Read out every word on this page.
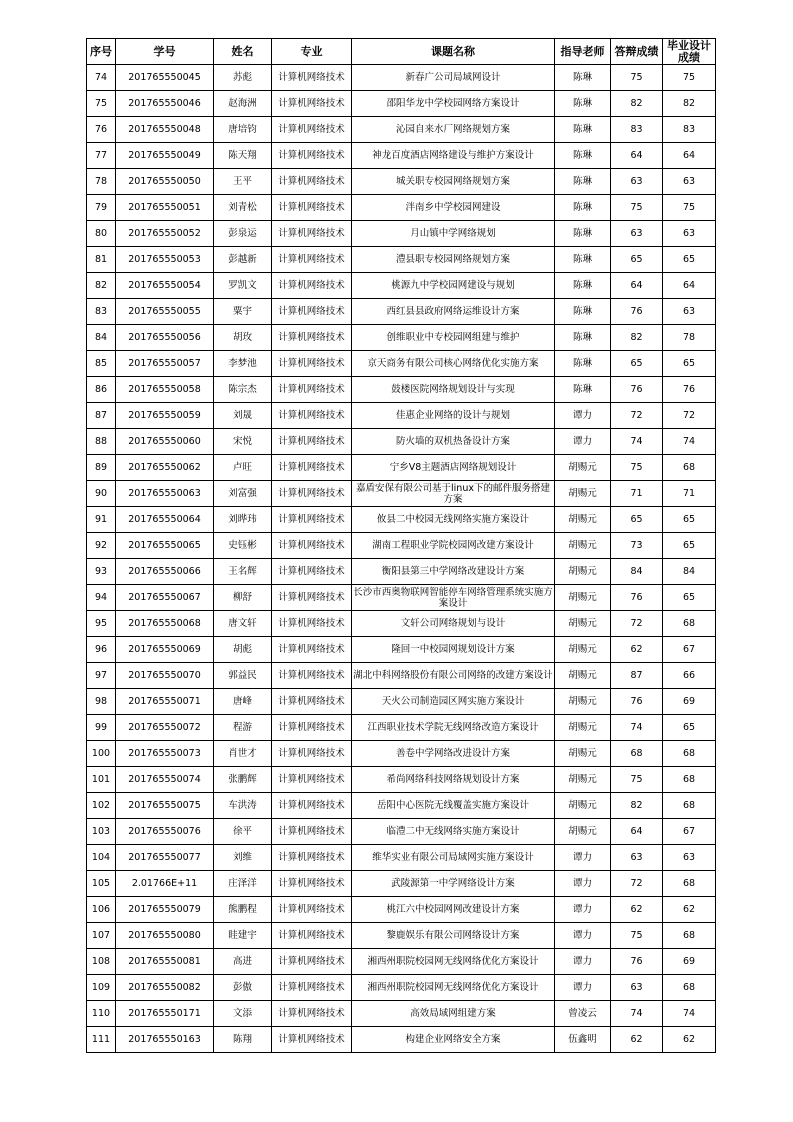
序号	学号	姓名	专业	课题名称	指导老师	答辩成绩	毕业设计成绩
74	201765550045	苏彪	计算机网络技术	新春广公司局域网设计	陈琳	75	75
75	201765550046	赵海洲	计算机网络技术	邵阳华龙中学校园网络方案设计	陈琳	82	82
76	201765550048	唐培钧	计算机网络技术	沁园自来水厂网络规划方案	陈琳	83	83
77	201765550049	陈天翔	计算机网络技术	神龙百度酒店网络建设与维护方案设计	陈琳	64	64
78	201765550050	王平	计算机网络技术	城关职专校园网络规划方案	陈琳	63	63
79	201765550051	刘青松	计算机网络技术	泮南乡中学校园网建设	陈琳	75	75
80	201765550052	彭泉运	计算机网络技术	月山镇中学网络规划	陈琳	63	63
81	201765550053	彭越新	计算机网络技术	澧县职专校园网络规划方案	陈琳	65	65
82	201765550054	罗凯文	计算机网络技术	桃源九中学校园网建设与规划	陈琳	64	64
83	201765550055	粟宇	计算机网络技术	西红县县政府网络运维设计方案	陈琳	76	63
84	201765550056	胡玫	计算机网络技术	创维职业中专校园网组建与维护	陈琳	82	78
85	201765550057	李梦池	计算机网络技术	京天商务有限公司核心网络优化实施方案	陈琳	65	65
86	201765550058	陈宗杰	计算机网络技术	鼓楼医院网络规划设计与实现	陈琳	76	76
87	201765550059	刘晟	计算机网络技术	佳惠企业网络的设计与规划	谭力	72	72
88	201765550060	宋悦	计算机网络技术	防火墙的双机热备设计方案	谭力	74	74
89	201765550062	卢旺	计算机网络技术	宁乡V8主题酒店网络规划设计	胡赐元	75	68
90	201765550063	刘富强	计算机网络技术	嘉盾安保有限公司基于linux下的邮件服务搭建方案	胡赐元	71	71
91	201765550064	刘晔玮	计算机网络技术	攸县二中校园无线网络实施方案设计	胡赐元	65	65
92	201765550065	史钰彬	计算机网络技术	湖南工程职业学院校园网改建方案设计	胡赐元	73	65
93	201765550066	王名辉	计算机网络技术	衡阳县第三中学网络改建设计方案	胡赐元	84	84
94	201765550067	柳舒	计算机网络技术	长沙市西奥物联网智能停车网络管理系统实施方案设计	胡赐元	76	65
95	201765550068	唐文轩	计算机网络技术	文轩公司网络规划与设计	胡赐元	72	68
96	201765550069	胡彪	计算机网络技术	隆回一中校园网规划设计方案	胡赐元	62	67
97	201765550070	郭益民	计算机网络技术	湖北中科网络股份有限公司网络的改建方案设计	胡赐元	87	66
98	201765550071	唐峰	计算机网络技术	天火公司制造园区网实施方案设计	胡赐元	76	69
99	201765550072	程游	计算机网络技术	江西职业技术学院无线网络改造方案设计	胡赐元	74	65
100	201765550073	肖世才	计算机网络技术	善卷中学网络改进设计方案	胡赐元	68	68
101	201765550074	张鹏辉	计算机网络技术	希尚网络科技网络规划设计方案	胡赐元	75	68
102	201765550075	车洪涛	计算机网络技术	岳阳中心医院无线覆盖实施方案设计	胡赐元	82	68
103	201765550076	徐平	计算机网络技术	临澧二中无线网络实施方案设计	胡赐元	64	67
104	201765550077	刘维	计算机网络技术	维华实业有限公司局域网实施方案设计	谭力	63	63
105	2.01766E+11	庄泽洋	计算机网络技术	武陵源第一中学网络设计方案	谭力	72	68
106	201765550079	熊鹏程	计算机网络技术	桃江六中校园网网改建设计方案	谭力	62	62
107	201765550080	眭建宇	计算机网络技术	黎鹿娱乐有限公司网络设计方案	谭力	75	68
108	201765550081	高进	计算机网络技术	湘西州职院校园网无线网络优化方案设计	谭力	76	69
109	201765550082	彭傲	计算机网络技术	湘西州职院校园网无线网络优化方案设计	谭力	63	68
110	201765550171	文添	计算机网络技术	高效局域网组建方案	曾凌云	74	74
111	201765550163	陈翔	计算机网络技术	构建企业网络安全方案	伍鑫明	62	62
